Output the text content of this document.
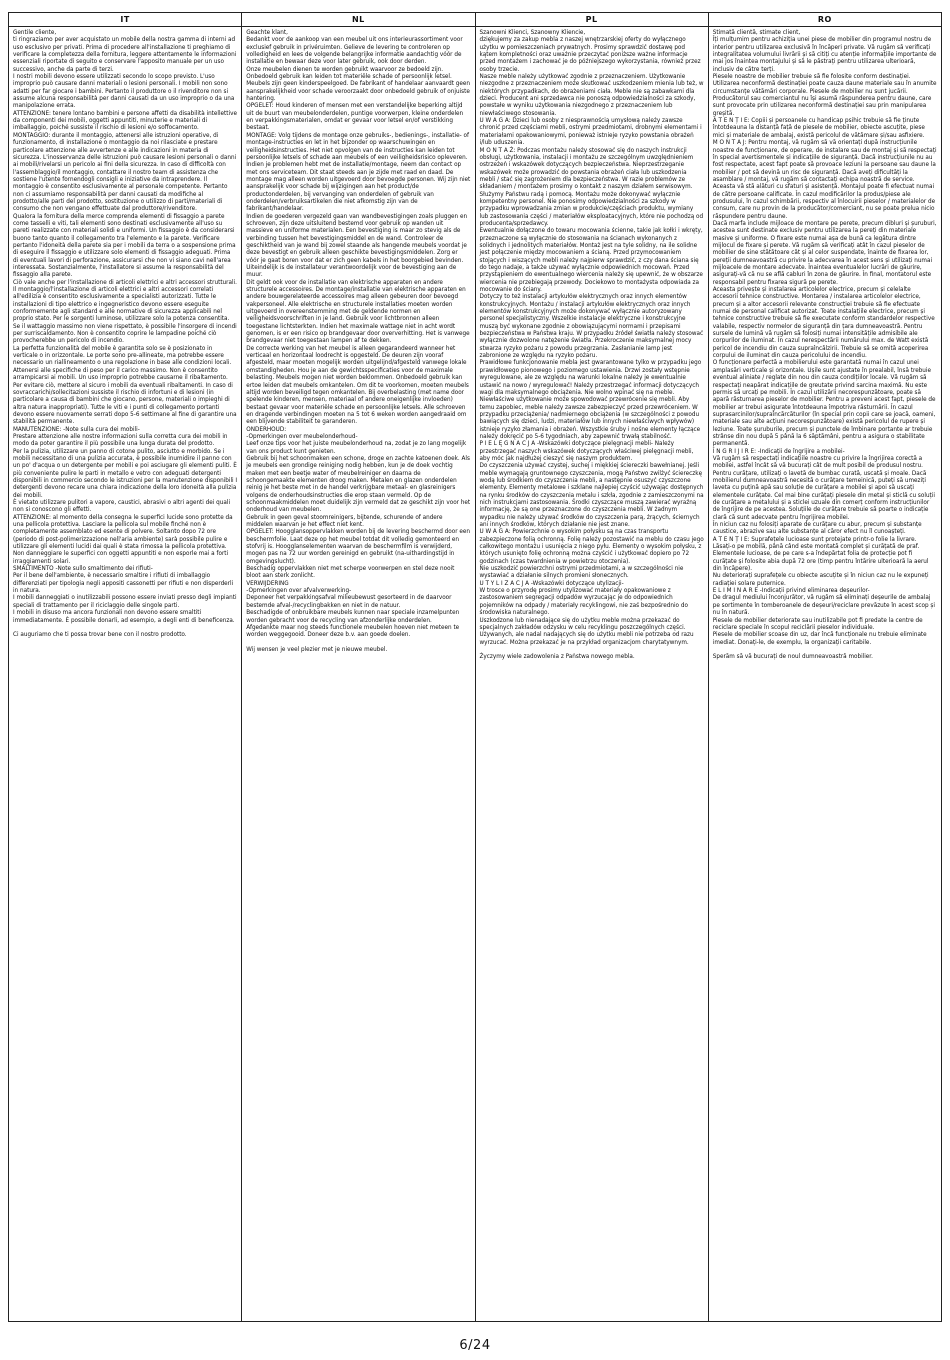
IT	NL	PL	RO

Gentile cliente,

ti ringraziamo per aver acquistato un mobile della nostra gamma di interni ad uso esclusivo per privati. Prima di procedere all'installazione ti preghiamo di verificare la completezza della fornitura, leggere attentamente le informazioni essenziali riportate di seguito e conservare l'apposito manuale per un uso successivo, anche da parte di terzi.

I nostri mobili devono essere utilizzati secondo lo scopo previsto. L'uso improprio può causare danni materiali o lesioni personali. I mobili non sono adatti per far giocare i bambini. Pertanto il produttore o il rivenditore non si assume alcuna responsabilità per danni causati da un uso improprio o da una manipolazione errata.

ATTENZIONE: tenere lontano bambini e persone affetti da disabilità intellettive da componenti dei mobili, oggetti appuntiti, minuterie e materiali di imballaggio, poiché sussiste il rischio di lesioni e/o soffocamento.

MONTAGGIO: durante il montaggio, attenersi alle istruzioni operative, di funzionamento, di installazione o montaggio da noi rilasciate e prestare particolare attenzione alle avvertenze e alle indicazioni in materia di sicurezza. L'inosservanza delle istruzioni può causare lesioni personali o danni ai mobili/rivelarsi un pericolo ai fini della sicurezza. In caso di difficoltà con l'assemblaggio/il montaggio, contattare il nostro team di assistenza che sostiene l'utente fornendogli consigli e iniziative da intraprendere. Il montaggio è consentito esclusivamente al personale competente. Pertanto non ci assumiamo responsabilità per danni causati da modifiche al prodotto/alle parti del prodotto, sostituzione o utilizzo di parti/materiali di consumo che non vengano effettuate dal produttore/rivenditore.

Qualora la fornitura della merce comprenda elementi di fissaggio a parete come tasselli e viti, tali elementi sono destinati esclusivamente all'uso su pareti realizzate con materiali solidi e uniformi. Un fissaggio è da considerarsi buono tanto quanto il collegamento tra l'elemento e la parete. Verificare pertanto l'idoneità della parete sia per i mobili da terra o a sospensione prima di eseguire il fissaggio e utilizzare solo elementi di fissaggio adeguati. Prima di eventuali lavori di perforazione, assicurarsi che non vi siano cavi nell'area interessata. Sostanzialmente, l'installatore si assume la responsabilità del fissaggio alla parete.

Ciò vale anche per l'installazione di articoli elettrici e altri accessori strutturali. Il montaggio/l'installazione di articoli elettrici e altri accessori correlati all'edilizia è consentito esclusivamente a specialisti autorizzati. Tutte le installazioni di tipo elettrico e ingegneristico devono essere eseguite conformemente agli standard e alle normative di sicurezza applicabili nel proprio stato. Per le sorgenti luminose, utilizzare solo la potenza consentita. Se il wattaggio massimo non viene rispettato, è possibile l'insorgere di incendi per surriscaldamento. Non è consentito coprire le lampadine poiché ciò provocherebbe un pericolo di incendio.

La perfetta funzionalità del mobile è garantita solo se è posizionato in verticale o in orizzontale. Le porte sono pre-allineate, ma potrebbe essere necessario un riallineamento o una regolazione in base alle condizioni locali. Attenersi alle specifiche di peso per il carico massimo. Non è consentito arrampicarsi ai mobili. Un uso improprio potrebbe causarne il ribaltamento. Per evitare ciò, mettere al sicuro i mobili da eventuali ribaltamenti. In caso di sovraccarichi/sollecitazioni sussiste il rischio di infortuni e di lesioni (in particolare a causa di bambini che giocano, persone, materiali o impieghi di altra natura inappropriati). Tutte le viti e i punti di collegamento portanti devono essere nuovamente serrati dopo 5-6 settimane al fine di garantire una stabilità permanente.

MANUTENZIONE: -Note sulla cura dei mobili-

Prestare attenzione alle nostre informazioni sulla corretta cura dei mobili in modo da poter garantire il più possibile una lunga durata del prodotto.

Per la pulizia, utilizzare un panno di cotone pulito, asciutto e morbido. Se i mobili necessitano di una pulizia accurata, è possibile inumidire il panno con un po' d'acqua o un detergente per mobili e poi asciugare gli elementi puliti. È più conveniente pulire le parti in metallo e vetro con adeguati detergenti disponibili in commercio secondo le istruzioni per la manutenzione disponibili I detergenti devono recare una chiara indicazione della loro idoneità alla pulizia dei mobili.

È vietato utilizzare pulitori a vapore, caustici, abrasivi o altri agenti dei quali non si conoscono gli effetti.

ATTENZIONE: al momento della consegna le superfici lucide sono protette da una pellicola protettiva. Lasciare la pellicola sul mobile finché non è completamente assemblato ed esente di polvere. Soltanto dopo 72 ore (periodo di post-polimerizzazione nell'aria ambiente) sarà possibile pulire e utilizzare gli elementi lucidi dai quali è stata rimossa la pellicola protettiva.

Non danneggiare le superfici con oggetti appuntiti e non esporle mai a forti irraggiamenti solari.

SMALTIMENTO -Note sullo smaltimento dei rifiuti-

Per il bene dell'ambiente, è necessario smaltire i rifiuti di imballaggio differenziati per tipologia negli appositi cassonetti per rifiuti e non disperderli in natura.

I mobili danneggiati o inutilizzabili possono essere inviati presso degli impianti speciali di trattamento per il riciclaggio delle singole parti.

I mobili in disuso ma ancora funzionali non devono essere smaltiti immediatamente. È possibile donarli, ad esempio, a degli enti di beneficenza.

Ci auguriamo che ti possa trovar bene con il nostro prodotto.

Geachte klant,

Bedankt voor de aankoop van een meubel uit ons interieurassortiment voor exclusief gebruik in privéruimten. Gelieve de levering te controleren op volledigheid en lees de volgende belangrijke informatie aandachtig vóór de installatie en bewaar deze voor later gebruik, ook door derden.

Onze meubelen dienen te worden gebruikt waarvoor ze bedoeld zijn. Onbedoeld gebruik kan leiden tot materiële schade of persoonlijk letsel. Meubels zijn geen kinderspeelgoed. De fabrikant of handelaar aanvaardt geen aansprakelijkheid voor schade veroorzaakt door onbedoeld gebruik of onjuiste hantering.

OPGELET: Houd kinderen of mensen met een verstandelijke beperking altijd uit de buurt van meubelonderdelen, puntige voorwerpen, kleine onderdelen en verpakkingsmaterialen, omdat er gevaar voor letsel en/of verstikking bestaat.

MONTAGE: Volg tijdens de montage onze gebruiks-, bedienings-, installatie- of montage-instructies en let in het bijzonder op waarschuwingen en veiligheidsinstructies. Het niet opvolgen van de instructies kan leiden tot persoonlijke letsels of schade aan meubels of een veiligheidsrisico opleveren. Indien je problemen hebt met de installatie/montage, neem dan contact op met ons serviceteam. Dit staat steeds aan je zijde met raad en daad. De montage mag alleen worden uitgevoerd door bevoegde personen. Wij zijn niet aansprakelijk voor schade bij wijzigingen aan het product/de productonderdelen, bij vervanging van onderdelen of gebruik van onderdelen/verbruiksartikelen die niet afkomstig zijn van de fabrikant/handelaar.

Indien de goederen vergezeld gaan van wandbevestigingen zoals pluggen en schroeven, zijn deze uitsluitend bestemd voor gebruik op wanden uit massieve en uniforme materialen. Een bevestiging is maar zo stevig als de verbinding tussen het bevestigingsmiddel en de wand. Controleer de geschiktheid van je wand bij zowel staande als hangende meubels voordat je deze bevestigt en gebruik alleen geschikte bevestigingsmiddelen. Zorg er vóór je gaat boren voor dat er zich geen kabels in het boorgebied bevinden. Uiteindelijk is de installateur verantwoordelijk voor de bevestiging aan de muur.

Dit geldt ook voor de installatie van elektrische apparaten en andere structurele accessoires. De montage/installatie van elektrische apparaten en andere bouwgerelateerde accessoires mag alleen gebeuren door bevoegd vakpersoneel. Alle elektrische en structurele installaties moeten worden uitgevoerd in overeenstemming met de geldende normen en veiligheidsvoorschriften in je land. Gebruik voor lichtbronnen alleen toegestane lichtsterkten. Indien het maximale wattage niet in acht wordt genomen, is er een risico op brandgevaar door oververhitting. Het is vanwege brandgevaar niet toegestaan lampen af te dekken.

De correcte werking van het meubel is alleen gegarandeerd wanneer het verticaal en horizontaal loodrecht is opgesteld. De deuren zijn vooraf afgesteld, maar moeten mogelijk worden uitgelijnd/afgesteld vanwege lokale omstandigheden. Hou je aan de gewichtsspecificaties voor de maximale belasting. Meubels mogen niet worden beklommen. Onbedoeld gebruik kan ertoe leiden dat meubels omkantelen. Om dit te voorkomen, moeten meubels altijd worden beveiligd tegen omkantelen. Bij overbelasting (met name door spelende kinderen, mensen, materiaal of andere oneigenlijke invloeden) bestaat gevaar voor materiële schade en persoonlijke letsels. Alle schroeven en dragende verbindingen moeten na 5 tot 6 weken worden aangedraaid om een blijvende stabiliteit te garanderen.

ONDERHOUD:

-Opmerkingen over meubelonderhoud-

Leef onze tips voor het juiste meubelonderhoud na, zodat je zo lang mogelijk van ons product kunt genieten.

Gebruik bij het schoonmaken een schone, droge en zachte katoenen doek. Als je meubels een grondige reiniging nodig hebben, kun je de doek vochtig maken met een beetje water of meubelreiniger en daarna de schoongemaakte elementen droog maken. Metalen en glazen onderdelen reinig je het beste met in de handel verkrijgbare metaal- en glasreinigers volgens de onderhoudsinstructies die erop staan vermeld. Op de schoonmaakmiddelen moet duidelijk zijn vermeld dat ze geschikt zijn voor het onderhoud van meubelen.

Gebruik in geen geval stoomreinigers, bijtende, schurende of andere middelen waarvan je het effect niet kent.

OPGELET: Hoogglansoppervlakken worden bij de levering beschermd door een beschermfolie. Laat deze op het meubel totdat dit volledig gemonteerd en stofvrij is. Hoogglanselementen waarvan de beschermfilm is verwijderd, mogen pas na 72 uur worden gereinigd en gebruikt (na-uithardingstijd in omgevingslucht).

Beschadig oppervlakken niet met scherpe voorwerpen en stel deze nooit bloot aan sterk zonlicht.

VERWIJDERING

-Opmerkingen over afvalverwerking-

Deponeer het verpakkingsafval milieubewust gesorteerd in de daarvoor bestemde afval-/recyclingbakken en niet in de natuur.

Beschadigde of onbruikbare meubels kunnen naar speciale inzamelpunten worden gebracht voor de recycling van afzonderlijke onderdelen.

Afgedankte maar nog steeds functionele meubelen hoeven niet meteen te worden weggegooid. Doneer deze b.v. aan goede doelen.

Wij wensen je veel plezier met je nieuwe meubel.

Szanowni Klienci, Szanowny Kliencie,

dziękujemy za zakup mebla z naszej wnętrzarskiej oferty do wyłącznego użytku w pomieszczeniach prywatnych. Prosimy sprawdzić dostawę pod kątem kompletności oraz uważnie przeczytać poniższe ważne informacje przed montażem i zachować je do późniejszego wykorzystania, również przez osoby trzecie.

Nasze meble należy użytkować zgodnie z przeznaczeniem. Użytkowanie niezgodne z przeznaczeniem może skutkować uszkodzeniem mienia lub też, w niektórych przypadkach, do obrażeniami ciała. Meble nie są zabawkami dla dzieci. Producent ani sprzedawca nie ponoszą odpowiedzialności za szkody, powstałe w wyniku użytkowania niezgodnego z przeznaczeniem lub niewłaściwego stosowania.

U W A G A: Dzieci lub osoby z niesprawnością umysłową należy zawsze chronić przed częściami mebli, ostrymi przedmiotami, drobnymi elementami i materiałami opakowaniowymi, ponieważ istnieje ryzyko powstania obrażeń i/lub uduszenia.

M O N T A Ż: Podczas montażu należy stosować się do naszych instrukcji obsługi, użytkowania, instalacji i montażu ze szczególnym uwzględnieniem ostrzeżeń i wskazówek dotyczących bezpieczeństwa. Nieprzestrzeganie wskazówek może prowadzić do powstania obrażeń ciała lub uszkodzenia mebli / stać się zagrożeniem dla bezpieczeństwa. W razie problemów ze składaniem / montażem prosimy o kontakt z naszym działem serwisowym. Służymy Państwu radą i pomocą. Montażu może dokonywać wyłącznie kompetentny personel. Nie ponosimy odpowiedzialności za szkody w przypadku wprowadzania zmian w produkcie/częściach produktu, wymiany lub zastosowania części / materiałów eksploatacyjnych, które nie pochodzą od producenta/sprzedawcy.

Ewentualnie dołączone do towaru mocowania ścienne, takie jak kołki i wkręty, przeznaczone są wyłącznie do stosowania na ścianach wykonanych z solidnych i jednolitych materiałów. Montaż jest na tyle solidny, na ile solidne jest połączenie między mocowaniem a ścianą. Przed przymocowaniem stojących i wiszących mebli należy najpierw sprawdzić, z czy dana ściana się do tego nadaje, a także używać wyłącznie odpowiednich mocowań. Przed przystąpieniem do ewentualnego wiercenia należy się upewnić, że w obszarze wiercenia nie przebiegają przewody. Dociekowo to montażysta odpowiada za mocowanie do ściany.

Dotyczy to też instalacji artykułów elektrycznych oraz innych elementów konstrukcyjnych. Montażu / instalacji artykułów elektrycznych oraz innych elementów konstrukcyjnych może dokonywać wyłącznie autoryzowany personel specjalistyczny. Wszelkie instalacje elektryczne i konstrukcyjne muszą być wykonane zgodnie z obowiązującymi normami i przepisami bezpieczeństwa w Państwa kraju. W przypadku źródeł światła należy stosować wyłącznie dozwolone natężenie światła. Przekroczenie maksymalnej mocy stwarza ryzyko pożaru z powodu przegrzania. Zasłanianie lamp jest zabronione ze względu na ryzyko pożaru.

Prawidłowe funkcjonowanie mebla jest gwarantowane tylko w przypadku jego prawidłowego pionowego i poziomego ustawienia. Drzwi zostały wstępnie wyregulowane, ale ze względu na warunki lokalne należy je ewentualnie ustawić na nowo / wyregulować! Należy przestrzegać informacji dotyczących wagi dla maksymalnego obciążenia. Nie wolno wpinać się na meble. Niewłaściwe użytkowanie może spowodować przewrócenie się mebli. Aby temu zapobiec, meble należy zawsze zabezpieczyć przed przewróceniem. W przypadku przeciążenia/ nadmiernego obciążenia (w szczególności z powodu bawiących się dzieci, ludzi, materiałów lub innych niewłaściwych wpływów) istnieje ryzyko złamania i obrażeń. Wszystkie śruby i nośne elementy łączące należy dokręcić po 5-6 tygodniach, aby zapewnić trwałą stabilność.

P I E L Ę G N A C J A -Wskazówki dotyczące pielęgnacji mebli- Należy przestrzegać naszych wskazówek dotyczących właściwej pielęgnacji mebli, aby móc jak najdłużej cieszyć się naszym produktem.

Do czyszczenia używać czystej, suchej i miękkiej ściereczki bawełnianej. Jeśli meble wymagają gruntownego czyszczenia, mogą Państwo zwilżyć ściereczkę wodą lub środkiem do czyszczenia mebli, a następnie osuszyć czyszczone elementy. Elementy metalowe i szklane najlepiej czyścić używając dostępnych na rynku środków do czyszczenia metalu i szkła, zgodnie z zamieszczonymi na nich instrukcjami zastosowania. Środki czyszczące muszą zawierać wyraźną informację, że są one przeznaczone do czyszczenia mebli. W żadnym wypadku nie należy używać środków do czyszczenia parą, żrących, ściernych ani innych środków, których działanie nie jest znane.

U W A G A: Powierzchnie o wysokim połysku są na czas transportu zabezpieczone folią ochronną. Folię należy pozostawić na meblu do czasu jego całkowitego montażu i usunięcia z niego pyłu. Elementy o wysokim połysku, z których usunięto folię ochronną można czyścić i użytkować dopiero po 72 godzinach (czas twardnienia w powietrzu otoczenia).

Nie uszkodzić powierzchni ostrymi przedmiotami, a w szczególności nie wystawiać a działanie silnych promieni słonecznych.

U T Y L I Z A C J A -Wskazówki dotyczące utylizacji-

W trosce o przyrodę prosimy utylizować materiały opakowaniowe z zastosowaniem segregacji odpadów wyrzucając je do odpowiednich pojemników na odpady / materiały recyklingowi, nie zaś bezpośrednio do środowiska naturalnego.

Uszkodzone lub nienadające się do użytku meble można przekazać do specjalnych zakładów odzysku w celu recyklingu poszczególnych części.

Używanych, ale nadal nadających się do użytku mebli nie potrzeba od razu wyrzucać. Można przekazać je na przykład organizacjom charytatywnym.

Życzymy wiele zadowolenia z Państwa nowego mebla.

Stimată clientă, stimate client,

Îți mulțumim pentru achiziția unei piese de mobilier din programul nostru de interior pentru utilizarea exclusivă în încăperi private. Vă rugăm să verificați integralitatea volumului livrării și să citiți cu atenție informațiile importante de mai jos înaintea montajului și să le păstrați pentru utilizarea ulterioară, inclusiv de către terți.

Piesele noastre de mobilier trebuie să fie folosite conform destinației. Utilizarea neconformă destinației poate cauza daune materiale sau în anumite circumstanțe vătămări corporale. Piesele de mobilier nu sunt jucării. Producătorul sau comerciantul nu își asumă răspunderea pentru daune, care sunt provocate prin utilizarea neconformă destinației sau prin manipularea greșită.

A T E N Ț I E: Copiii și persoanele cu handicap psihic trebuie să fie ținute întotdeauna la distanță față de piesele de mobilier, obiecte ascuțite, piese mici și materiale de ambalaj, există pericolul de vătămare și/sau asfixiere.

M O N T A J: Pentru montaj, vă rugăm să vă orientați după instrucțiunile noastre de funcționare, de operare, de instalare sau de montaj și să respectați în special avertismentele și indicațiile de siguranță. Dacă instrucțiunile nu au fost respectate, acest fapt poate să provoace leziuni la persoane sau daune la mobilier / pot să devină un risc de siguranță. Dacă aveți dificultăți la asamblare / montaj, vă rugăm să contactați echipa noastră de service. Aceasta vă stă alături cu sfaturi și asistență. Montajul poate fi efectuat numai de către persoane calificate. În cazul modificărilor la produs/piese ale produsului, în cazul schimbării, respectiv al înlocuirii pieselor / materialelor de consum, care nu provin de la producător/comerciant, nu se poate prelua nicio răspundere pentru daune.

Dacă marfa include mijloace de montare pe perete, precum dibluri și șuruburi, acestea sunt destinate exclusiv pentru utilizarea la pereți din materiale masive și uniforme. O fixare este numai așa de bună ca legătura dintre mijlocul de fixare și perete. Vă rugăm să verificați atât în cazul pieselor de mobilier de sine stătătoare cât și al celor suspendate, înainte de fixarea lor, pereții dumneavoastră cu privire la adecvarea în acest sens și utilizați numai mijloacele de montare adecvate. Înaintea eventualelor lucrări de găurire, asigurați-vă că nu se află cabluri în zona de găurire. În final, montatorul este responsabil pentru fixarea sigură pe perete.

Aceasta privește și instalarea articolelor electrice, precum și celelalte accesorii tehnice constructive. Montarea / instalarea articolelor electrice, precum și a altor accesorii relevante construcției trebuie să fie efectuate numai de personal calificat autorizat. Toate instalațiile electrice, precum și tehnice constructive trebuie să fie executate conform standardelor respective valabile, respectiv normelor de siguranță din țara dumneavoastră. Pentru sursele de lumină vă rugăm să folosiți numai intensitățile admisibile ale corpurilor de iluminat. În cazul nerespectării numărului max. de Watt există pericol de incendiu din cauza supraîncălzirii. Trebuie să se omită acoperirea corpului de iluminat din cauza pericolului de incendiu.

O funcționare perfectă a mobilierului este garantată numai în cazul unei amplasări verticale și orizontale. Ușile sunt ajustate în prealabil, însă trebuie eventual aliniate / reglate din nou din cauza condițiilor locale. Vă rugăm să respectați neapărat indicațiile de greutate privind sarcina maximă. Nu este permis să urcați pe mobili. În cazul utilizării necorespunzătoare, poate să apară răsturnarea pieselor de mobilier. Pentru a preveni acest fapt, piesele de mobilier ar trebui asigurate întotdeauna împotriva răsturnării. În cazul suprasarcinilor/supraîncărcăturilor (în special prin copii care se joacă, oameni, materiale sau alte acțiuni necorespunzătoare) există pericolul de rupere și leziune. Toate șuruburile, precum și punctele de îmbinare portante ar trebuie strânse din nou după 5 până la 6 săptămâni, pentru a asigura o stabilitate permanentă.

Î N G R I J I R E: -Indicații de îngrijire a mobilei-

Vă rugăm să respectați indicațiile noastre cu privire la îngrijirea corectă a mobilei, astfel încât să vă bucurați cât de mult posibil de produsul nostru.

Pentru curățare, utilizați o lavetă de bumbac curată, uscată și moale. Dacă mobilierul dumneavoastră necesită o curățare temeinică, puteți să umeziți laveta cu puțină apă sau soluție de curățare a mobilei și apoi să uscați elementele curățate. Cel mai bine curățați piesele din metal și sticlă cu soluții de curățare a metalului și a sticlei uzuale din comerț conform instrucțiunilor de îngrijire de pe acestea. Soluțiile de curățare trebuie să poarte o indicație clară că sunt adecvate pentru îngrijirea mobilei.

În niciun caz nu folosiți aparate de curățare cu abur, precum și substanțe caustice, abrazive sau alte substanțe al căror efect nu îl cunoașteți.

A T E N Ț I E: Suprafețele lucioase sunt protejate printr-o folie la livrare. Lăsați-o pe mobilă, până când este montată complet și curățată de praf. Elementele lucioase, de pe care s-a îndepărtat folia de protecție pot fi curățate și folosite abia după 72 ore (timp pentru întărire ulterioară la aerul din încăpere).

Nu deteriorați suprafețele cu obiecte ascuțite și în niciun caz nu le expuneți radiației solare puternice.

E L I M I N A R E -Indicații privind eliminarea deșeurilor-

De dragul mediului înconjurător, vă rugăm să eliminați deșeurile de ambalaj pe sortimente în tomberoanele de deșeuri/reciclare prevăzute în acest scop și nu în natură.

Piesele de mobilier deteriorate sau inutilizabile pot fi predate la centre de reciclare speciale în scopul reciclării pieselor individuale.

Piesele de mobilier scoase din uz, dar încă funcționale nu trebuie eliminate imediat. Donați-le, de exemplu, la organizații caritabile.

Sperăm să vă bucurați de noul dumneavoastră mobilier.

6/24
